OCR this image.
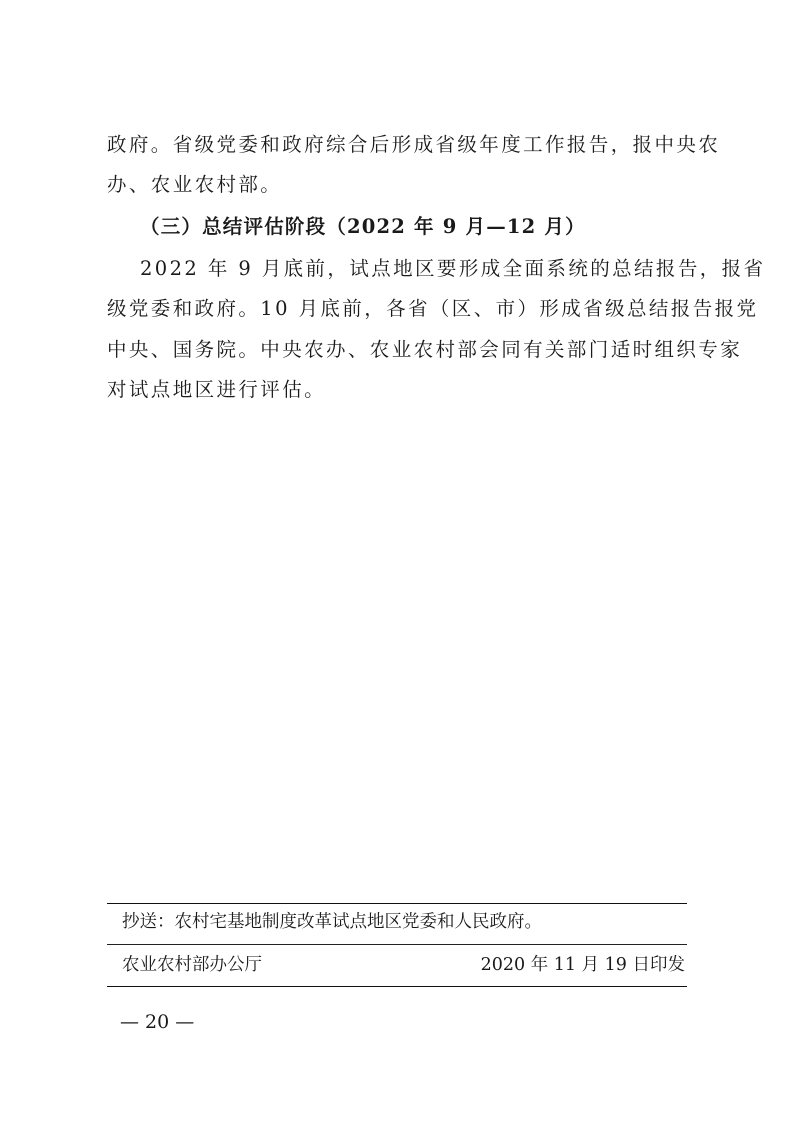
政府。省级党委和政府综合后形成省级年度工作报告，报中央农
办、农业农村部。
（三）总结评估阶段（2022 年 9 月—12 月）
2022 年 9 月底前，试点地区要形成全面系统的总结报告，报省
级党委和政府。10 月底前，各省（区、市）形成省级总结报告报党
中央、国务院。中央农办、农业农村部会同有关部门适时组织专家
对试点地区进行评估。
抄送：农村宅基地制度改革试点地区党委和人民政府。
农业农村部办公厅	2020 年 11 月 19 日印发
— 20 —
